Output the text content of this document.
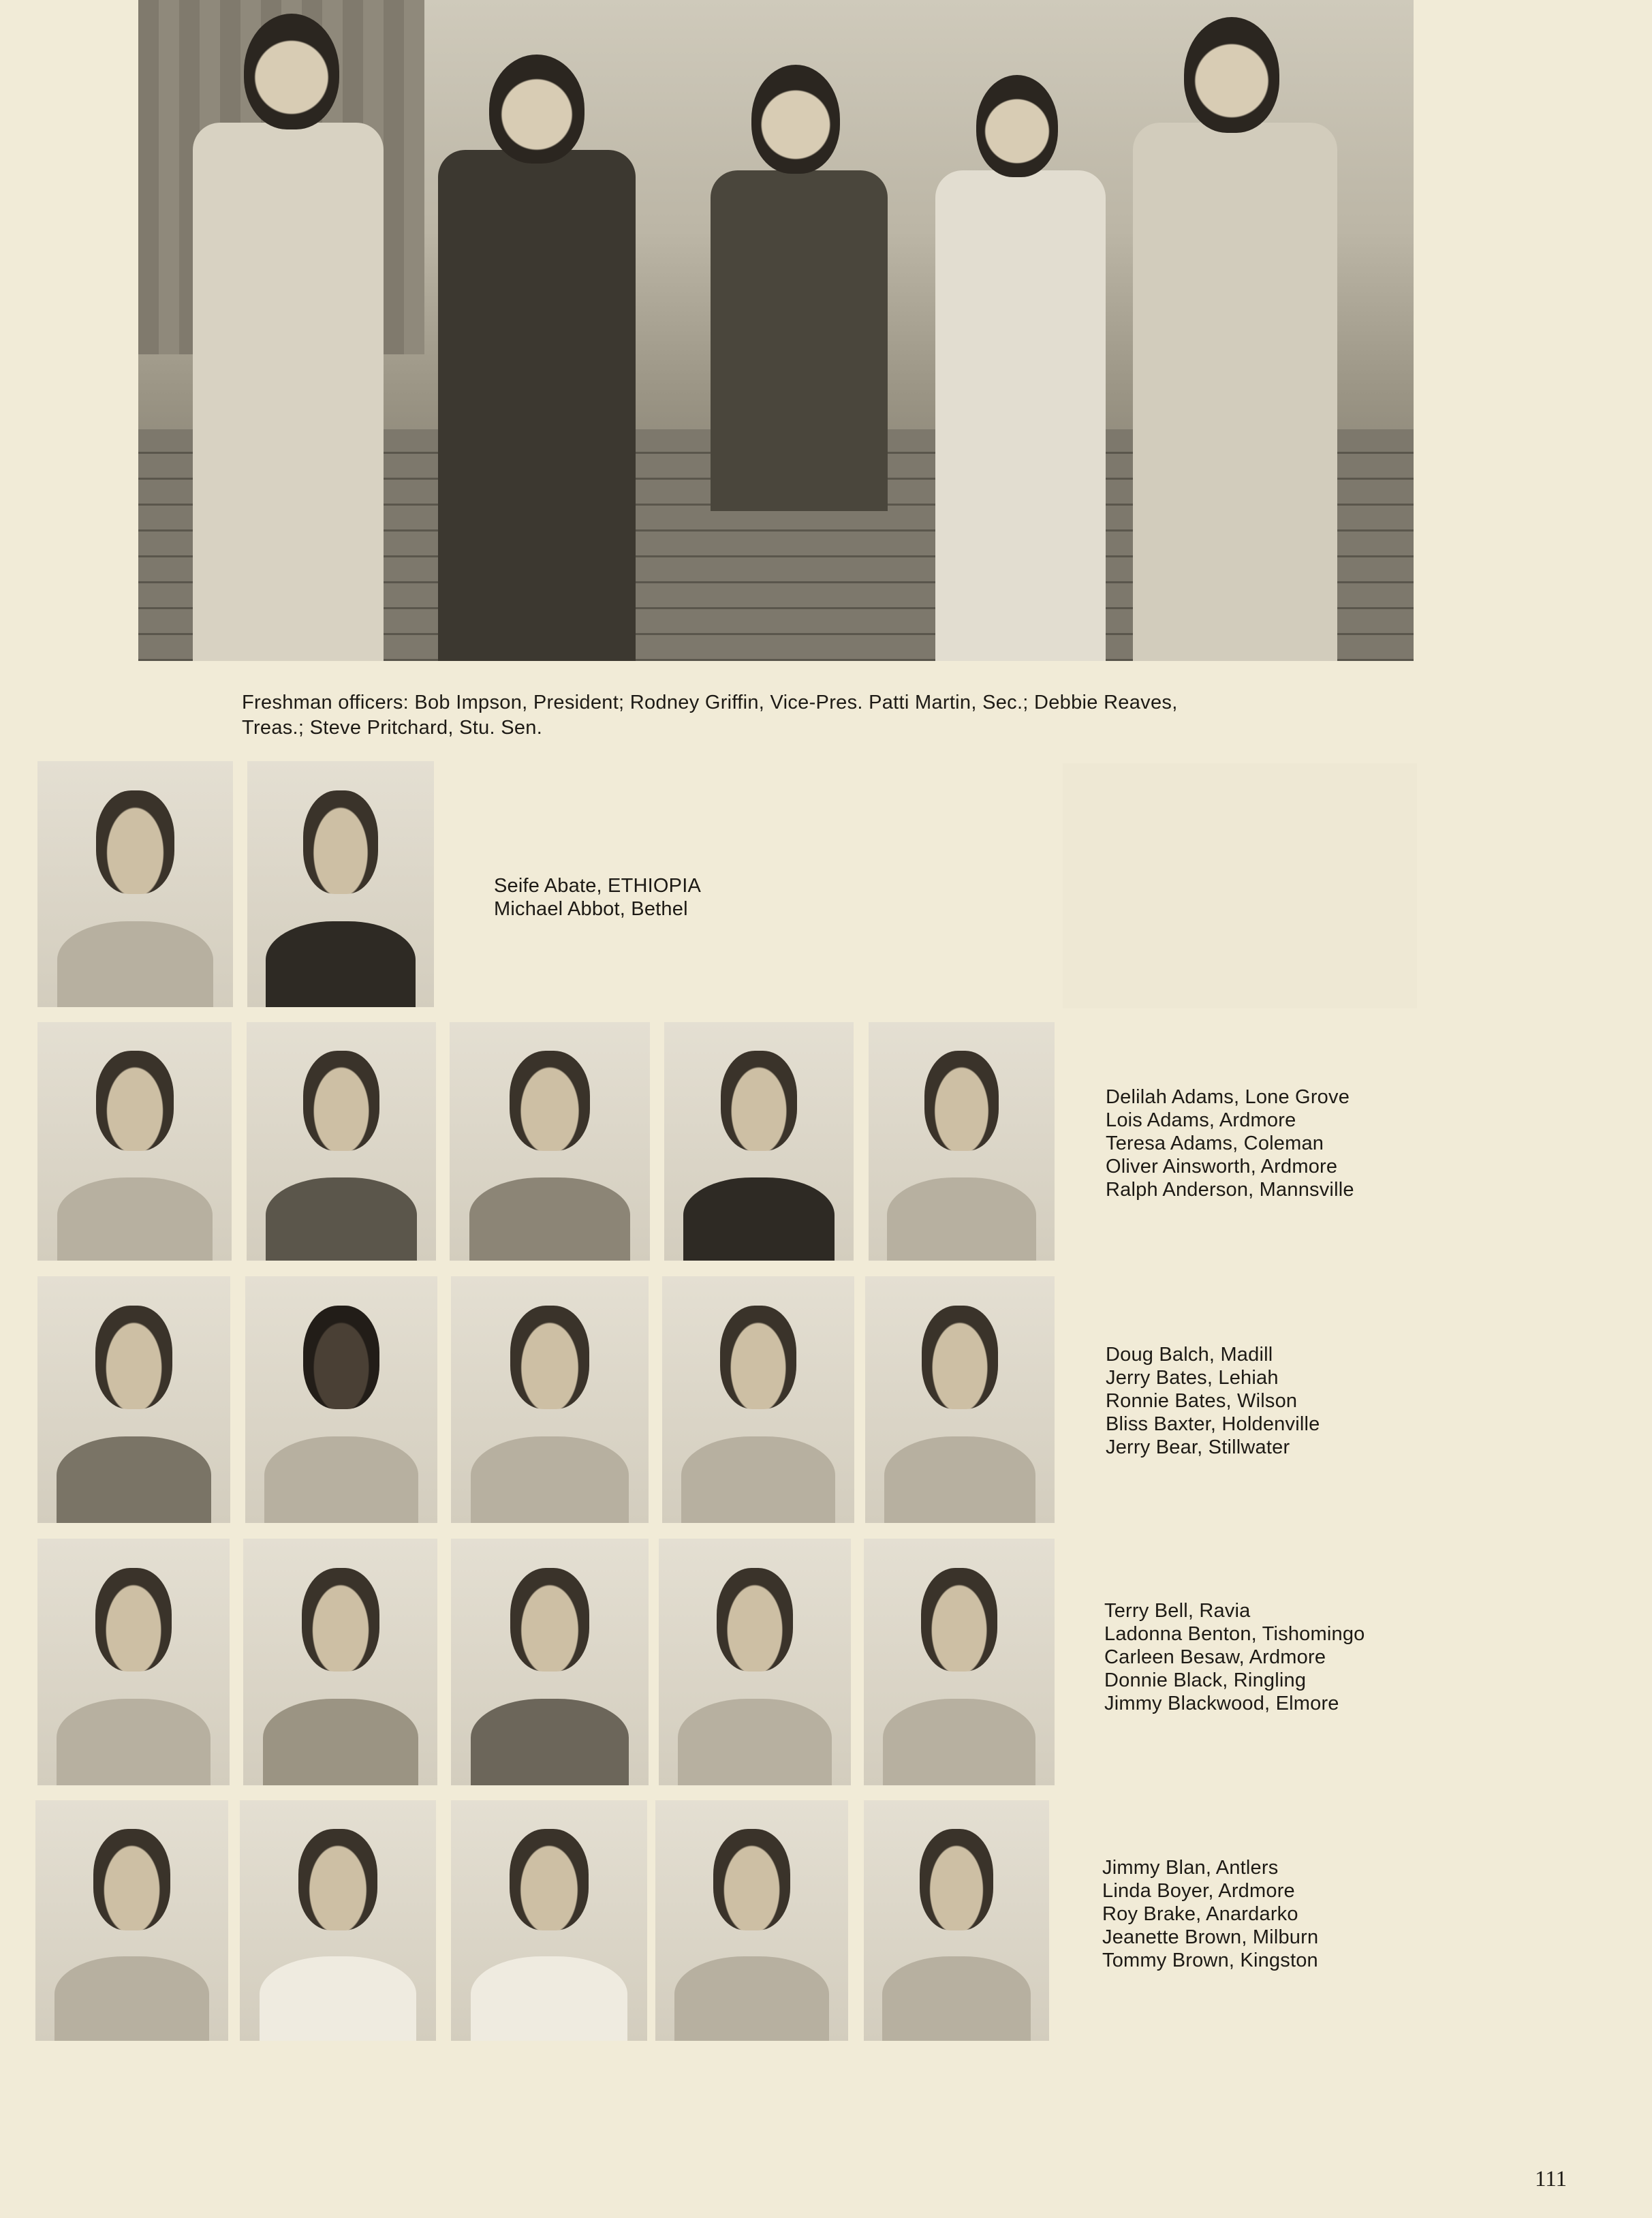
Freshman officers: Bob Impson, President; Rodney Griffin, Vice-Pres. Patti Martin, Sec.; Debbie Reaves,
Treas.; Steve Pritchard, Stu. Sen.
Seife Abate, ETHIOPIA
Michael Abbot, Bethel
Delilah Adams, Lone Grove
Lois Adams, Ardmore
Teresa Adams, Coleman
Oliver Ainsworth, Ardmore
Ralph Anderson, Mannsville
Doug Balch, Madill
Jerry Bates, Lehiah
Ronnie Bates, Wilson
Bliss Baxter, Holdenville
Jerry Bear, Stillwater
Terry Bell, Ravia
Ladonna Benton, Tishomingo
Carleen Besaw, Ardmore
Donnie Black, Ringling
Jimmy Blackwood, Elmore
Jimmy Blan, Antlers
Linda Boyer, Ardmore
Roy Brake, Anardarko
Jeanette Brown, Milburn
Tommy Brown, Kingston
111
